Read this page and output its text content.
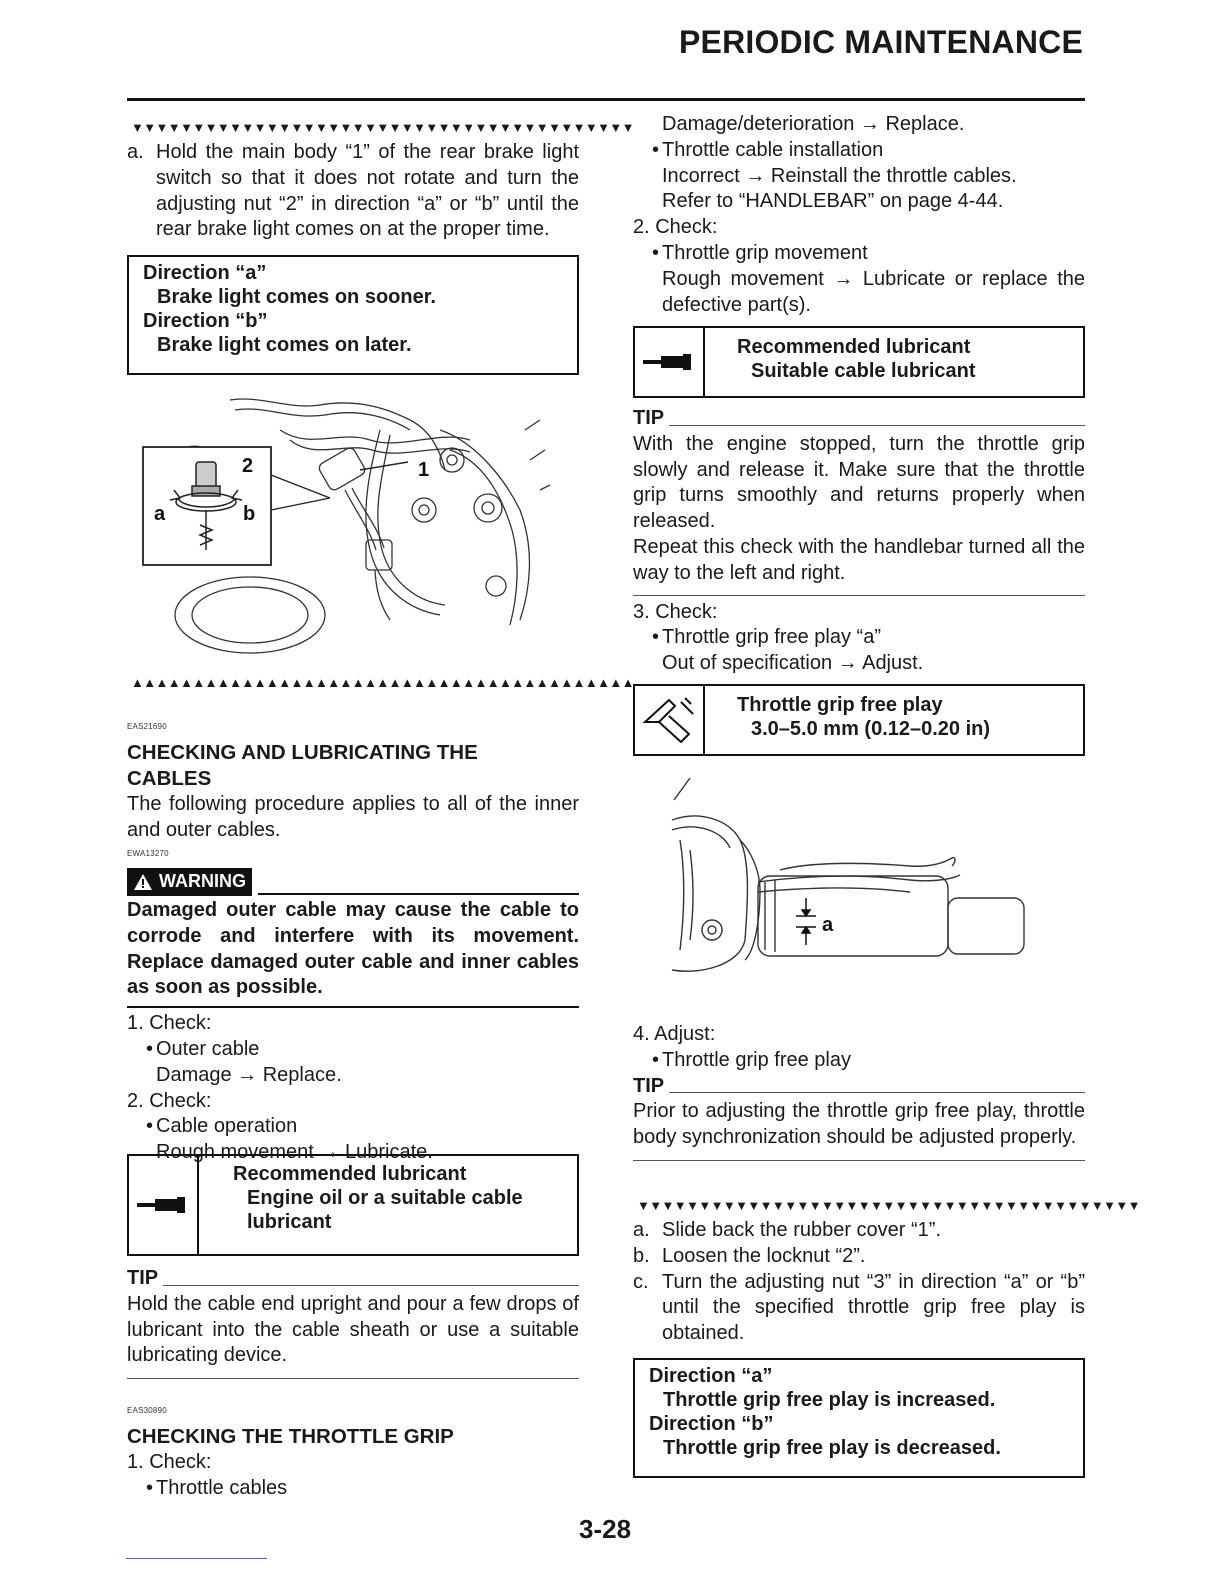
PERIODIC MAINTENANCE
▼▼▼▼▼▼▼▼▼▼▼▼▼▼▼▼▼▼▼▼▼▼▼▼▼▼▼▼▼▼▼▼▼▼▼▼▼▼▼▼▼
a. Hold the main body “1” of the rear brake light switch so that it does not rotate and turn the adjusting nut “2” in direction “a” or “b” until the rear brake light comes on at the proper time.
Direction “a”
Brake light comes on sooner.
Direction “b”
Brake light comes on later.
1
2
a	b
▲▲▲▲▲▲▲▲▲▲▲▲▲▲▲▲▲▲▲▲▲▲▲▲▲▲▲▲▲▲▲▲▲▲▲▲▲▲▲▲▲
EAS21690
CHECKING AND LUBRICATING THE
CABLES
The following procedure applies to all of the inner and outer cables.
EWA13270
WARNING
Damaged outer cable may cause the cable to corrode and interfere with its movement. Replace damaged outer cable and inner cables as soon as possible.
1. Check:
• Outer cable
Damage → Replace.
2. Check:
• Cable operation
Rough movement → Lubricate.
Recommended lubricant
Engine oil or a suitable cable lubricant
TIP
Hold the cable end upright and pour a few drops of lubricant into the cable sheath or use a suitable lubricating device.
EAS30890
CHECKING THE THROTTLE GRIP
1. Check:
• Throttle cables
Damage/deterioration → Replace.
• Throttle cable installation
Incorrect → Reinstall the throttle cables.
Refer to “HANDLEBAR” on page 4-44.
2. Check:
• Throttle grip movement
Rough movement → Lubricate or replace the defective part(s).
Recommended lubricant
Suitable cable lubricant
TIP
With the engine stopped, turn the throttle grip slowly and release it. Make sure that the throttle grip turns smoothly and returns properly when released.
Repeat this check with the handlebar turned all the way to the left and right.
3. Check:
• Throttle grip free play “a”
Out of specification → Adjust.
Throttle grip free play
3.0–5.0 mm (0.12–0.20 in)
a
4. Adjust:
• Throttle grip free play
TIP
Prior to adjusting the throttle grip free play, throttle body synchronization should be adjusted properly.
▼▼▼▼▼▼▼▼▼▼▼▼▼▼▼▼▼▼▼▼▼▼▼▼▼▼▼▼▼▼▼▼▼▼▼▼▼▼▼▼▼
a. Slide back the rubber cover “1”.
b. Loosen the locknut “2”.
c. Turn the adjusting nut “3” in direction “a” or “b” until the specified throttle grip free play is obtained.
Direction “a”
Throttle grip free play is increased.
Direction “b”
Throttle grip free play is decreased.
3-28
